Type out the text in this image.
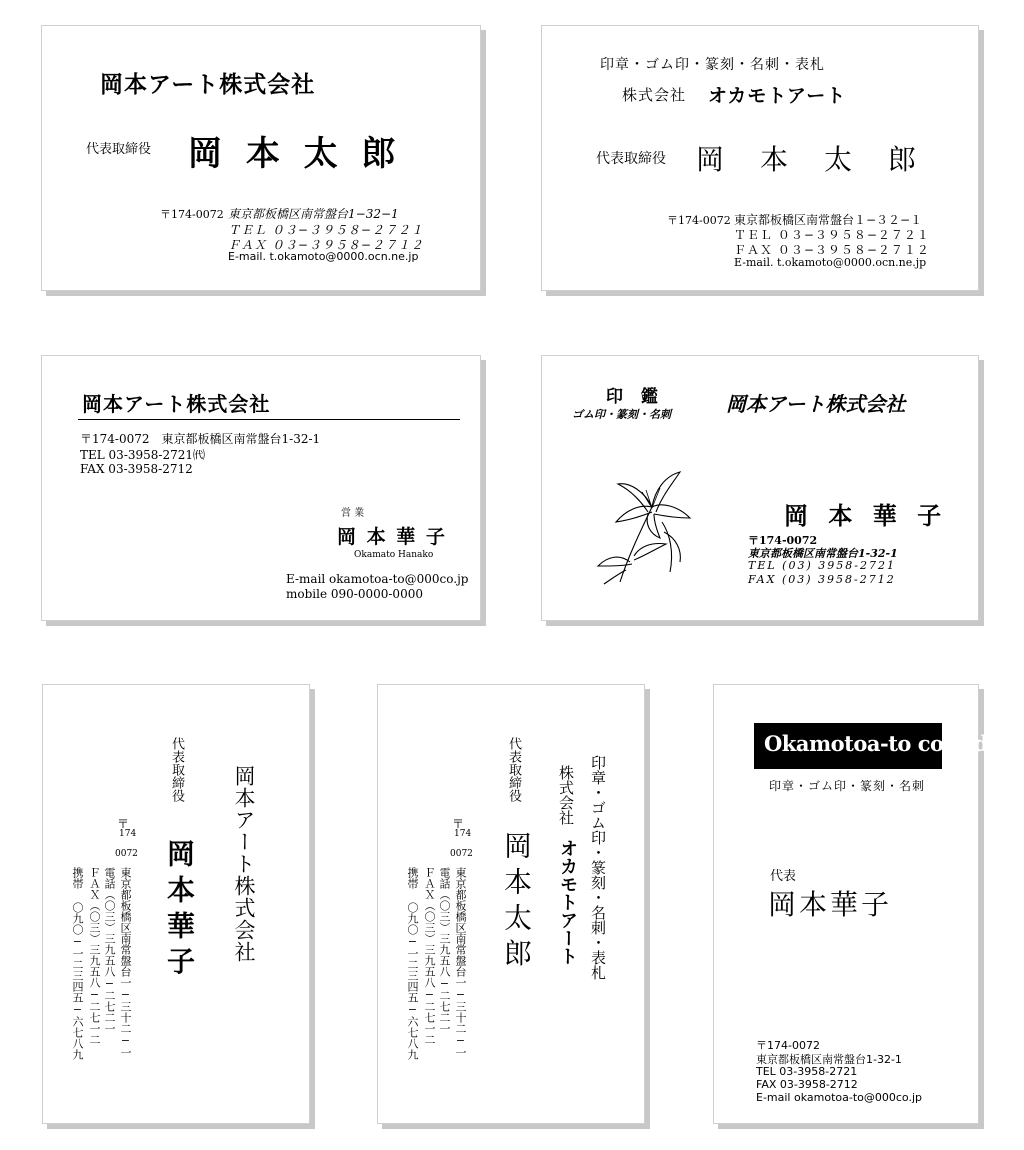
岡本アート株式会社
代表取締役 岡 本 太 郎
〒174-0072 東京都板橋区南常盤台1−32−1
ＴＥＬ ０３−３９５８−２７２１
ＦＡＸ ０３−３９５８−２７１２
E-mail. t.okamoto@0000.ocn.ne.jp
印章・ゴム印・篆刻・名刺・表札
株式会社 オカモトアート
代表取締役 岡　本　太　郎
〒174-0072 東京都板橋区南常盤台１−３２−１
ＴＥＬ ０３−３９５８−２７２１
ＦＡＸ ０３−３９５８−２７１２
E-mail. t.okamoto@0000.ocn.ne.jp
岡本アート株式会社
〒174-0072　東京都板橋区南常盤台1-32-1
TEL 03-3958-2721㈹
FAX 03-3958-2712
営 業
岡 本 華 子
Okamato Hanako
E-mail okamotoa-to@000co.jp
mobile 090-0000-0000
印 鑑
ゴム印・篆刻・名刺	岡本アート株式会社
岡 本 華 子
〒174-0072
東京都板橋区南常盤台1-32-1
TEL (03) 3958-2721
FAX (03) 3958-2712
岡本アート株式会社
代表取締役
岡本華子
〒
174
0072
東京都板橋区南常盤台一−三十二−一
電話（〇三）三九五八−二七二一
ＦＡＸ（〇三）三九五八−二七一二
携帯 〇九〇−一二三四五−六七八九	印章・ゴム印・篆刻・名刺・表札
株式会社
オカモトアート
代表取締役
岡本太郎
〒
174
0072
東京都板橋区南常盤台一−三十二−一
電話（〇三）三九五八−二七二一
ＦＡＸ（〇三）三九五八−二七一二
携帯 〇九〇−一二三四五−六七八九
Okamotoa-to co.,ltd
印章・ゴム印・篆刻・名刺
代表
岡本華子
〒174-0072
東京都板橋区南常盤台1-32-1
TEL 03-3958-2721
FAX 03-3958-2712
E-mail okamotoa-to@000co.jp
